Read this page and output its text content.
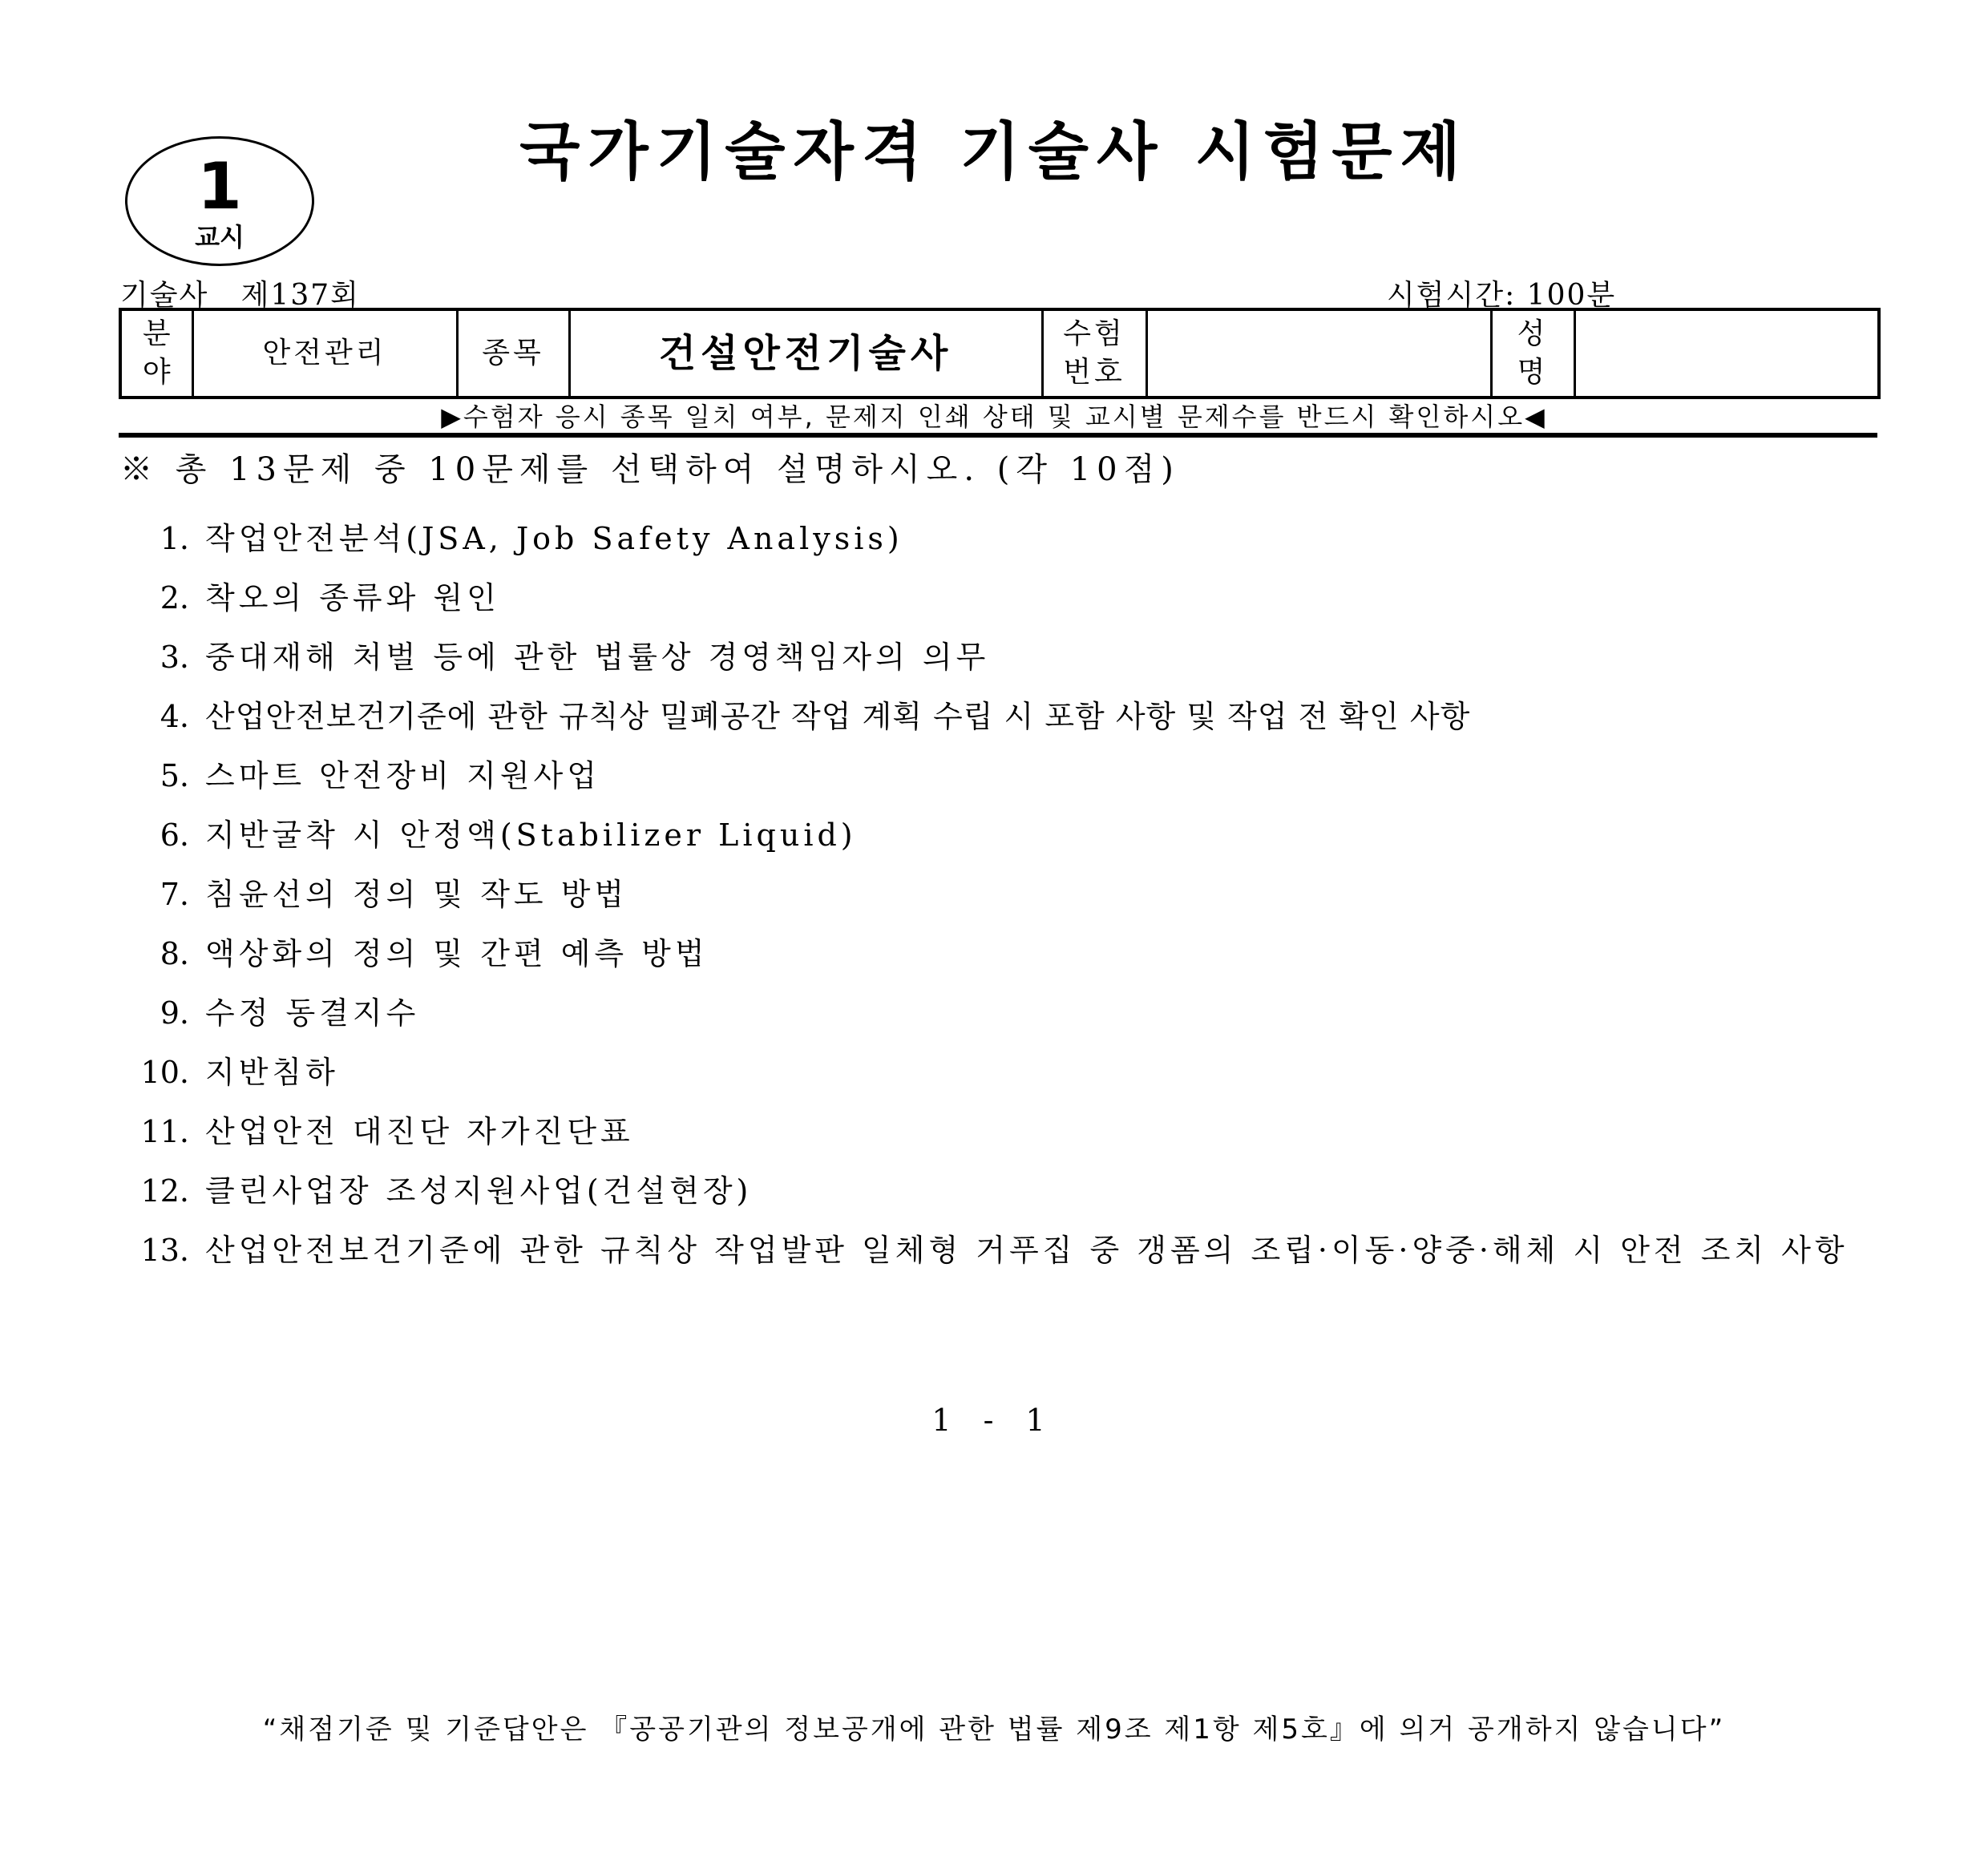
1
교시
국가기술자격 기술사 시험문제
기술사   제137회	시험시간: 100분
분야	안전관리	종목	건설안전기술사	수험번호		성명	
▶수험자 응시 종목 일치 여부, 문제지 인쇄 상태 및 교시별 문제수를 반드시 확인하시오◀
※ 총 13문제 중 10문제를 선택하여 설명하시오. (각 10점)
1. 작업안전분석(JSA, Job Safety Analysis)
2. 착오의 종류와 원인
3. 중대재해 처벌 등에 관한 법률상 경영책임자의 의무
4. 산업안전보건기준에 관한 규칙상 밀폐공간 작업 계획 수립 시 포함 사항 및 작업 전 확인 사항
5. 스마트 안전장비 지원사업
6. 지반굴착 시 안정액(Stabilizer Liquid)
7. 침윤선의 정의 및 작도 방법
8. 액상화의 정의 및 간편 예측 방법
9. 수정 동결지수
10. 지반침하
11. 산업안전 대진단 자가진단표
12. 클린사업장 조성지원사업(건설현장)
13. 산업안전보건기준에 관한 규칙상 작업발판 일체형 거푸집 중 갱폼의 조립·이동·양중·해체 시 안전 조치 사항
1 - 1
“채점기준 및 기준답안은 『공공기관의 정보공개에 관한 법률 제9조 제1항 제5호』에 의거 공개하지 않습니다”
